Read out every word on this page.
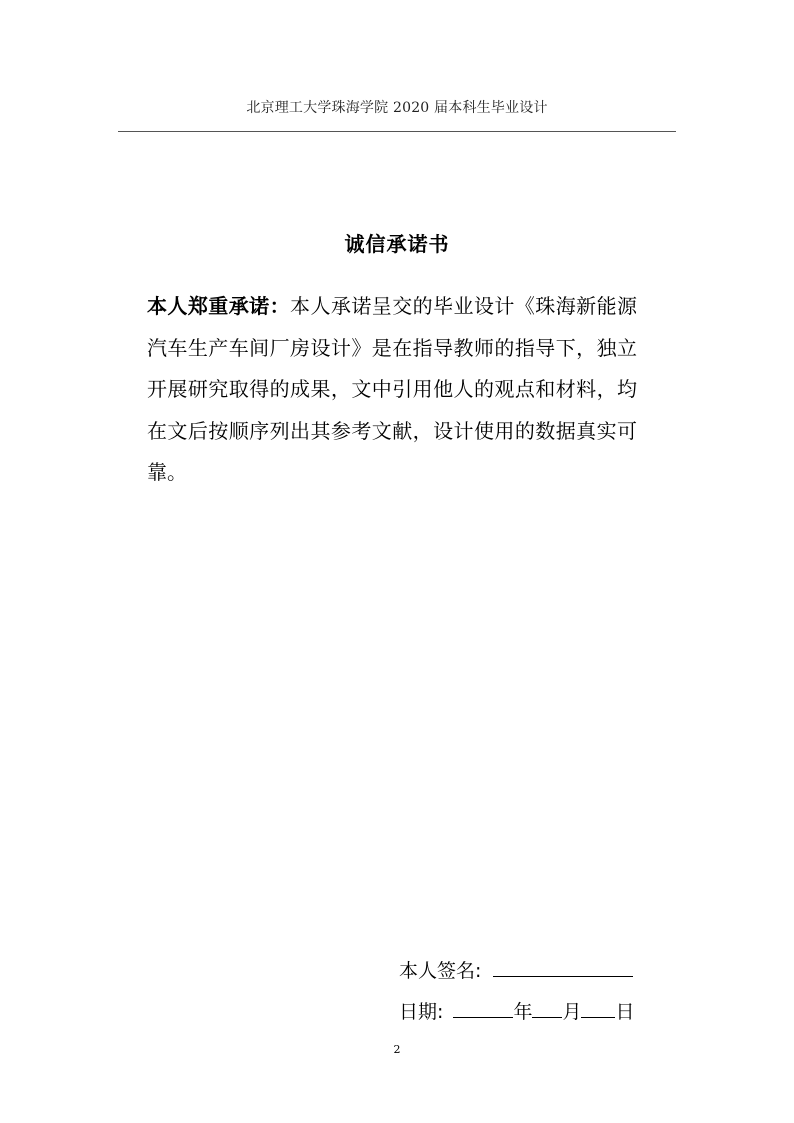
北京理工大学珠海学院 2020 届本科生毕业设计
诚信承诺书
本人郑重承诺：本人承诺呈交的毕业设计《珠海新能源汽车生产车间厂房设计》是在指导教师的指导下，独立开展研究取得的成果，文中引用他人的观点和材料，均在文后按顺序列出其参考文献，设计使用的数据真实可靠。
本人签名:
日期:	年 月 日
2
